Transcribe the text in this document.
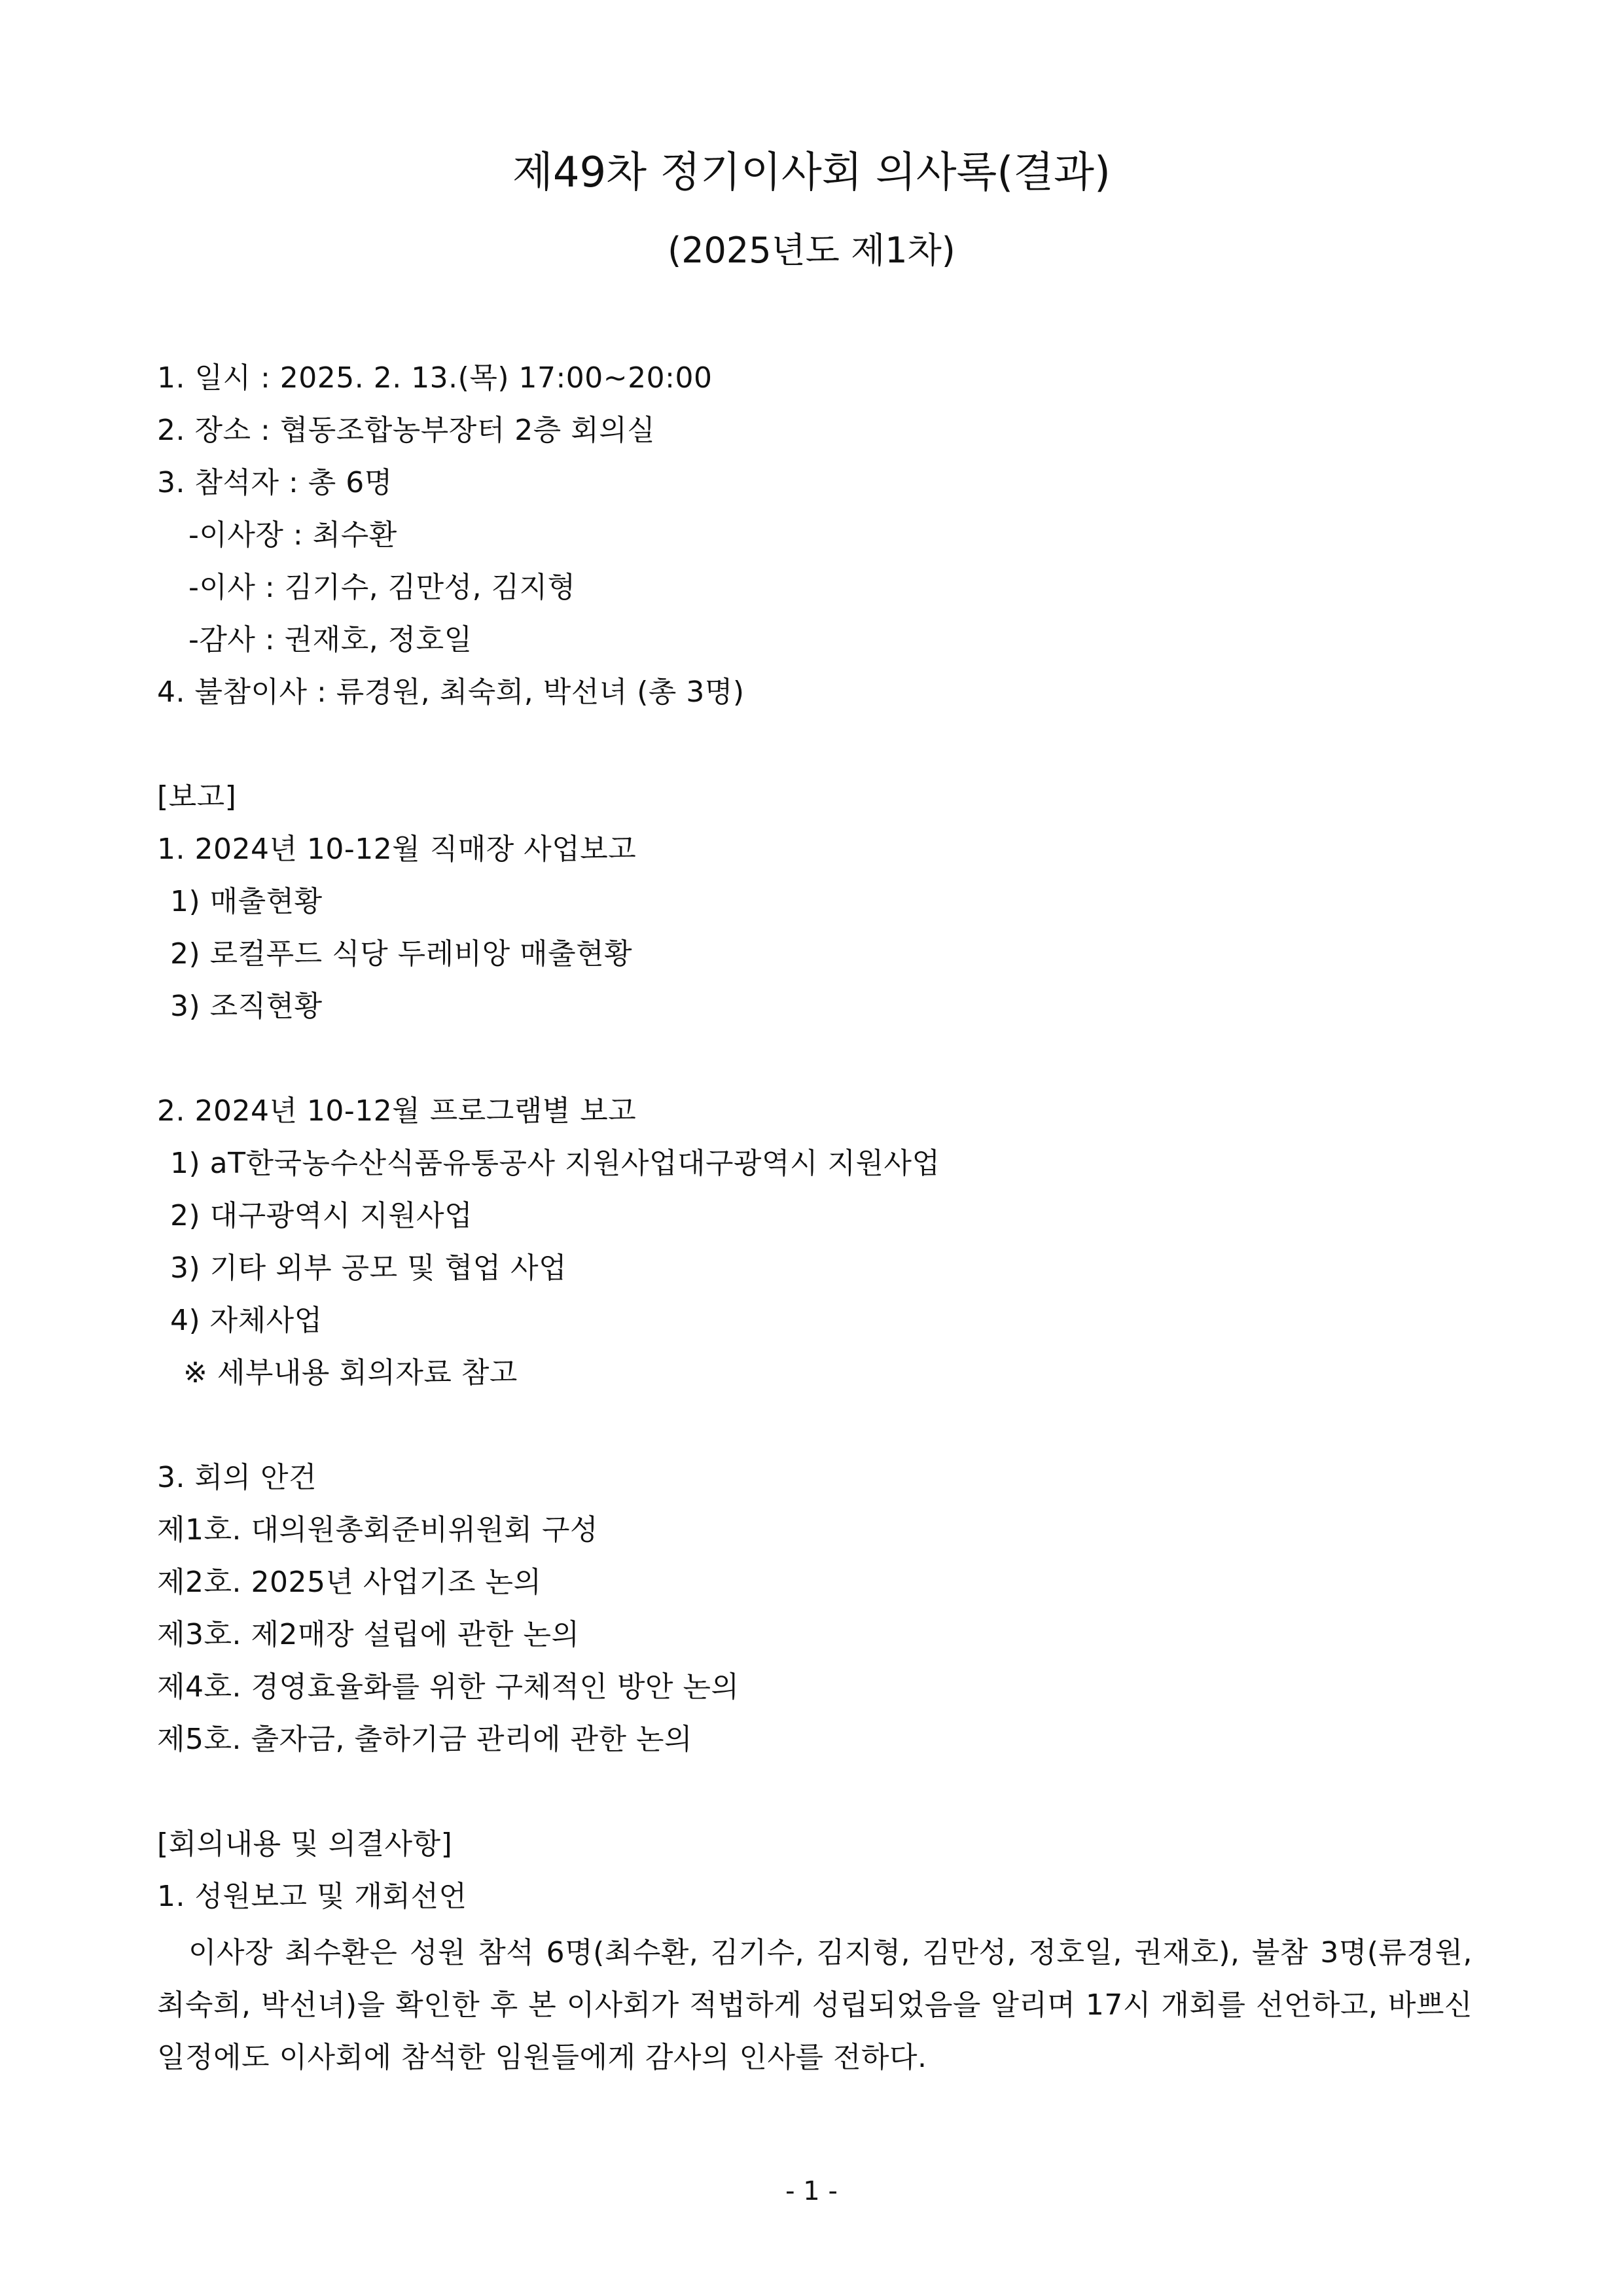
제49차 정기이사회 의사록(결과)
(2025년도 제1차)
1. 일시 : 2025. 2. 13.(목) 17:00~20:00
2. 장소 : 협동조합농부장터 2층 회의실
3. 참석자 : 총 6명
-이사장 : 최수환
-이사 : 김기수, 김만성, 김지형
-감사 : 권재호, 정호일
4. 불참이사 : 류경원, 최숙희, 박선녀 (총 3명)
[보고]
1. 2024년 10-12월 직매장 사업보고
1) 매출현황
2) 로컬푸드 식당 두레비앙 매출현황
3) 조직현황
2. 2024년 10-12월 프로그램별 보고
1) aT한국농수산식품유통공사 지원사업대구광역시 지원사업
2) 대구광역시 지원사업
3) 기타 외부 공모 및 협업 사업
4) 자체사업
※ 세부내용 회의자료 참고
3. 회의 안건
제1호. 대의원총회준비위원회 구성
제2호. 2025년 사업기조 논의
제3호. 제2매장 설립에 관한 논의
제4호. 경영효율화를 위한 구체적인 방안 논의
제5호. 출자금, 출하기금 관리에 관한 논의
[회의내용 및 의결사항]
1. 성원보고 및 개회선언
이사장 최수환은 성원 참석 6명(최수환, 김기수, 김지형, 김만성, 정호일, 권재호), 불참 3명(류경원, 최숙희, 박선녀)을 확인한 후 본 이사회가 적법하게 성립되었음을 알리며 17시 개회를 선언하고, 바쁘신 일정에도 이사회에 참석한 임원들에게 감사의 인사를 전하다.
- 1 -
